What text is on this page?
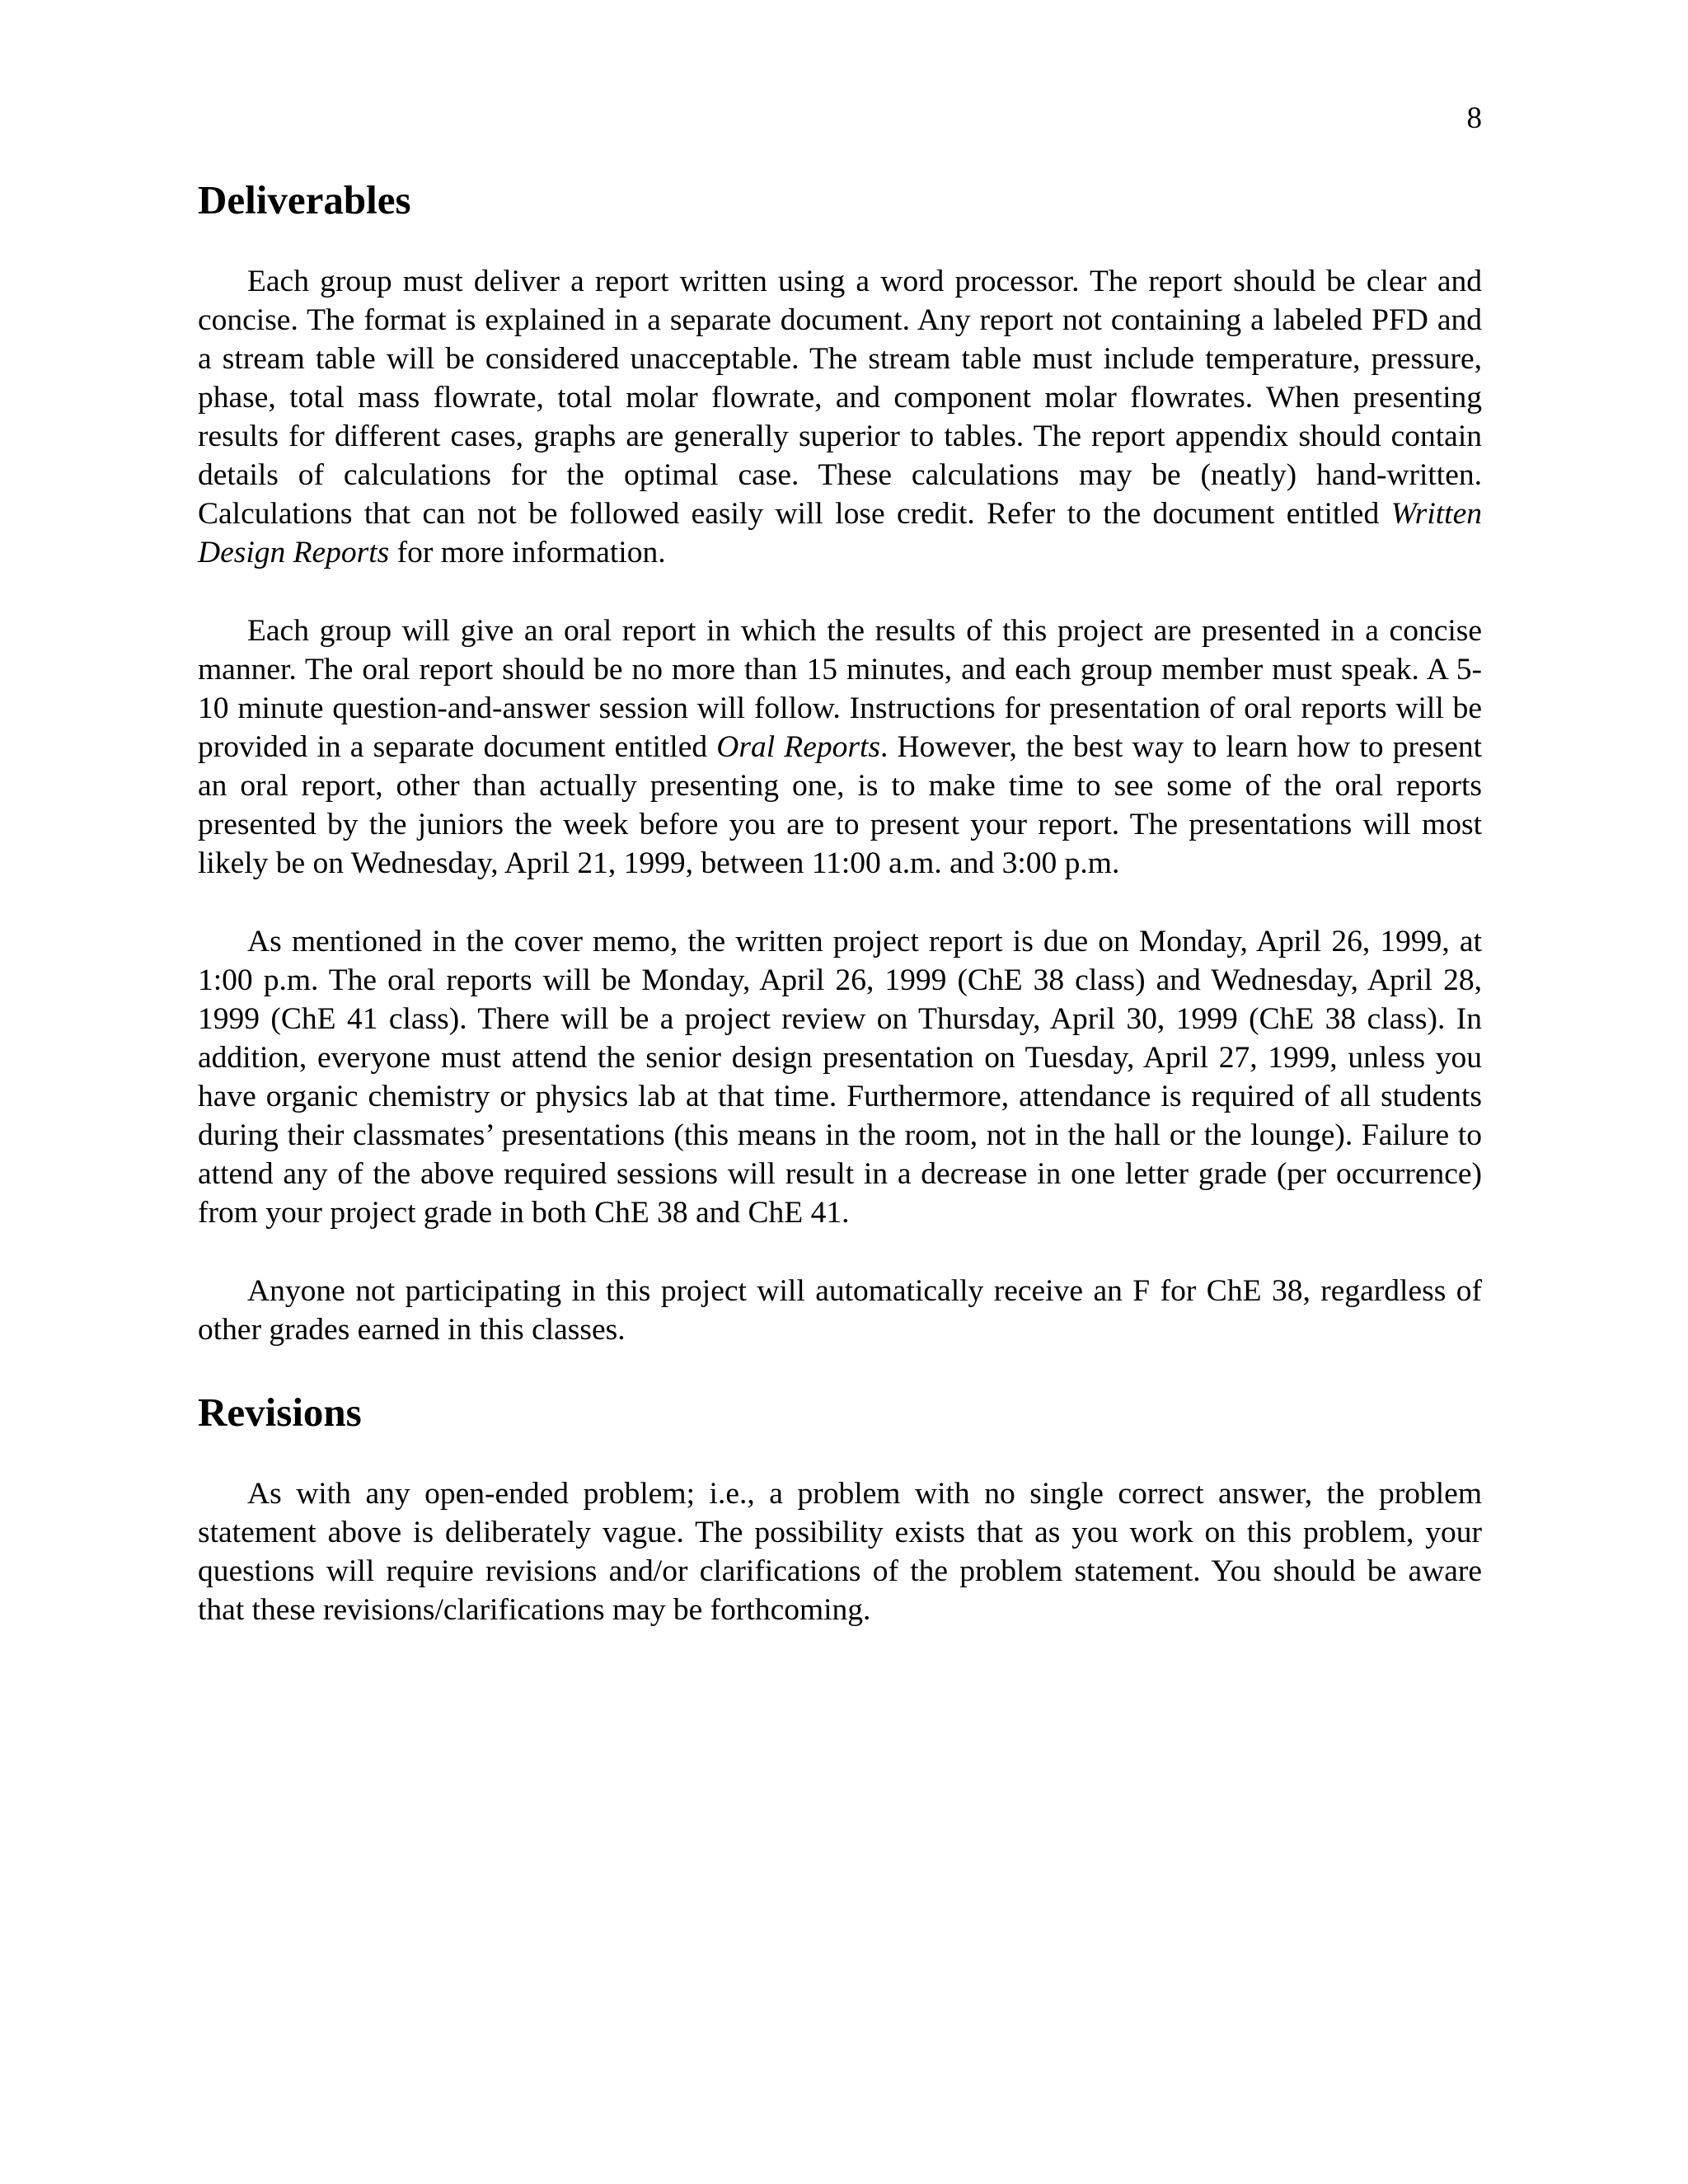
8
Deliverables

Each group must deliver a report written using a word processor. The report should be clear and concise. The format is explained in a separate document. Any report not containing a labeled PFD and a stream table will be considered unacceptable. The stream table must include temperature, pressure, phase, total mass flowrate, total molar flowrate, and component molar flowrates. When presenting results for different cases, graphs are generally superior to tables. The report appendix should contain details of calculations for the optimal case. These calculations may be (neatly) hand-written. Calculations that can not be followed easily will lose credit. Refer to the document entitled Written Design Reports for more information.

Each group will give an oral report in which the results of this project are presented in a concise manner. The oral report should be no more than 15 minutes, and each group member must speak. A 5-10 minute question-and-answer session will follow. Instructions for presentation of oral reports will be provided in a separate document entitled Oral Reports. However, the best way to learn how to present an oral report, other than actually presenting one, is to make time to see some of the oral reports presented by the juniors the week before you are to present your report. The presentations will most likely be on Wednesday, April 21, 1999, between 11:00 a.m. and 3:00 p.m.

As mentioned in the cover memo, the written project report is due on Monday, April 26, 1999, at 1:00 p.m. The oral reports will be Monday, April 26, 1999 (ChE 38 class) and Wednesday, April 28, 1999 (ChE 41 class). There will be a project review on Thursday, April 30, 1999 (ChE 38 class). In addition, everyone must attend the senior design presentation on Tuesday, April 27, 1999, unless you have organic chemistry or physics lab at that time. Furthermore, attendance is required of all students during their classmates’ presentations (this means in the room, not in the hall or the lounge). Failure to attend any of the above required sessions will result in a decrease in one letter grade (per occurrence) from your project grade in both ChE 38 and ChE 41.

Anyone not participating in this project will automatically receive an F for ChE 38, regardless of other grades earned in this classes.

Revisions

As with any open-ended problem; i.e., a problem with no single correct answer, the problem statement above is deliberately vague. The possibility exists that as you work on this problem, your questions will require revisions and/or clarifications of the problem statement. You should be aware that these revisions/clarifications may be forthcoming.
